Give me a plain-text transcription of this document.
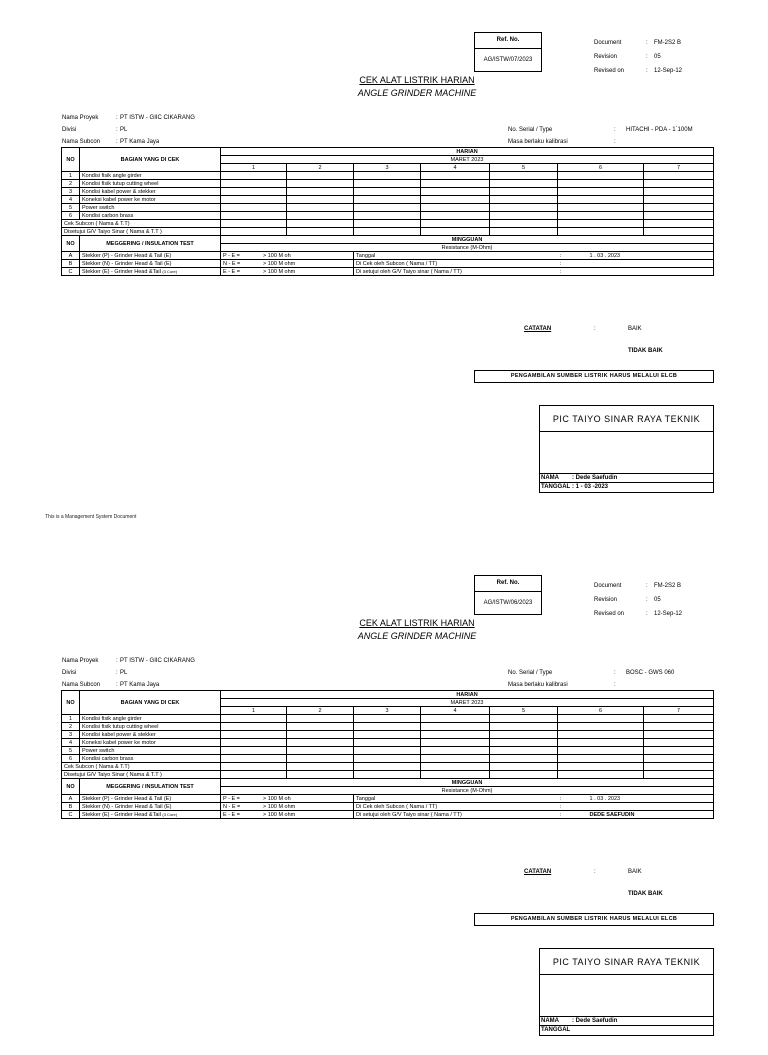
Ref. No.
AG/ISTW/07/2023
Document	:	FM-2S2 B
Revision	:	05
Revised on	:	12-Sep-12
CEK ALAT LISTRIK HARIAN
ANGLE GRINDER MACHINE
Nama Proyek	: PT ISTW - GIIC CIKARANG
Divisi	: PL
Nama Subcon	: PT Kama Jaya
No. Serial / Type	:	HITACHI - PDA - 1`100M
Masa berlaku kalibrasi	:
NO	BAGIAN YANG DI CEK	HARIAN						
		MARET 2023						
		1	2	3	4	5	6	7
1	Kondisi fisik angle girder							
2	Kondisi fisik tutup cutting wheel							
3	Kondisi kabel power & stekker							
4	Koneksi kabel power ke motor							
5	Power switch							
6	Kondisi carbon brass							
Cek Subcon ( Nama & T.T)								
Disetujui G/V Taiyo Sinar ( Nama & T.T )								
NO	MEGGERING / INSULATION TEST	MINGGUAN						
		Resistance (M-Ohm)						
A	Stekker (P) - Grinder Head & Tail (E)	P - E = > 100 M oh		Tanggal			: 1 . 03 . 2023	
B	Stekker (N) - Grinder Head & Tail (E)	N - E = > 100 M ohm		Di Cek oleh Subcon ( Nama / TT)			:	
C	Stekker (E) - Grinder Head &Tail (3 Core)	E - E = > 100 M ohm		Di setujui oleh G/V Taiyo sinar ( Nama / TT)			:	
CATATAN	:	BAIK
TIDAK BAIK
PENGAMBILAN SUMBER LISTRIK HARUS MELALUI ELCB
PIC TAIYO SINAR RAYA TEKNIK
NAMA	: Dede Saefudin
TANGGAL : 1 - 03 -2023
Ref. No.
AG/ISTW/06/2023
Document	:	FM-2S2 B
Revision	:	05
Revised on	:	12-Sep-12
CEK ALAT LISTRIK HARIAN
ANGLE GRINDER MACHINE
Nama Proyek	: PT ISTW - GIIC CIKARANG
Divisi	: PL
Nama Subcon	: PT Kama Jaya
No. Serial / Type	:	BOSC - GWS 060
Masa berlaku kalibrasi	:
NO	BAGIAN YANG DI CEK	HARIAN						
		MARET 2023						
		1	2	3	4	5	6	7
1	Kondisi fisik angle girder							
2	Kondisi fisik tutup cutting wheel							
3	Kondisi kabel power & stekker							
4	Koneksi kabel power ke motor							
5	Power switch							
6	Kondisi carbon brass							
Cek Subcon ( Nama & T.T)								
Disetujui G/V Taiyo Sinar ( Nama & T.T )								
NO	MEGGERING / INSULATION TEST	MINGGUAN						
		Resistance (M-Ohm)						
A	Stekker (P) - Grinder Head & Tail (E)	P - E = > 100 M oh		Tanggal			: 1 . 03 . 2023	
B	Stekker (N) - Grinder Head & Tail (E)	N - E = > 100 M ohm		Di Cek oleh Subcon ( Nama / TT)			:	
C	Stekker (E) - Grinder Head &Tail (3 Core)	E - E = > 100 M ohm		Di setujui oleh G/V Taiyo sinar ( Nama / TT)			: DEDE SAEFUDIN	
CATATAN	:	BAIK
TIDAK BAIK
PENGAMBILAN SUMBER LISTRIK HARUS MELALUI ELCB
PIC TAIYO SINAR RAYA TEKNIK
NAMA	: Dede Saefudin
TANGGAL
This is a Management System Document
